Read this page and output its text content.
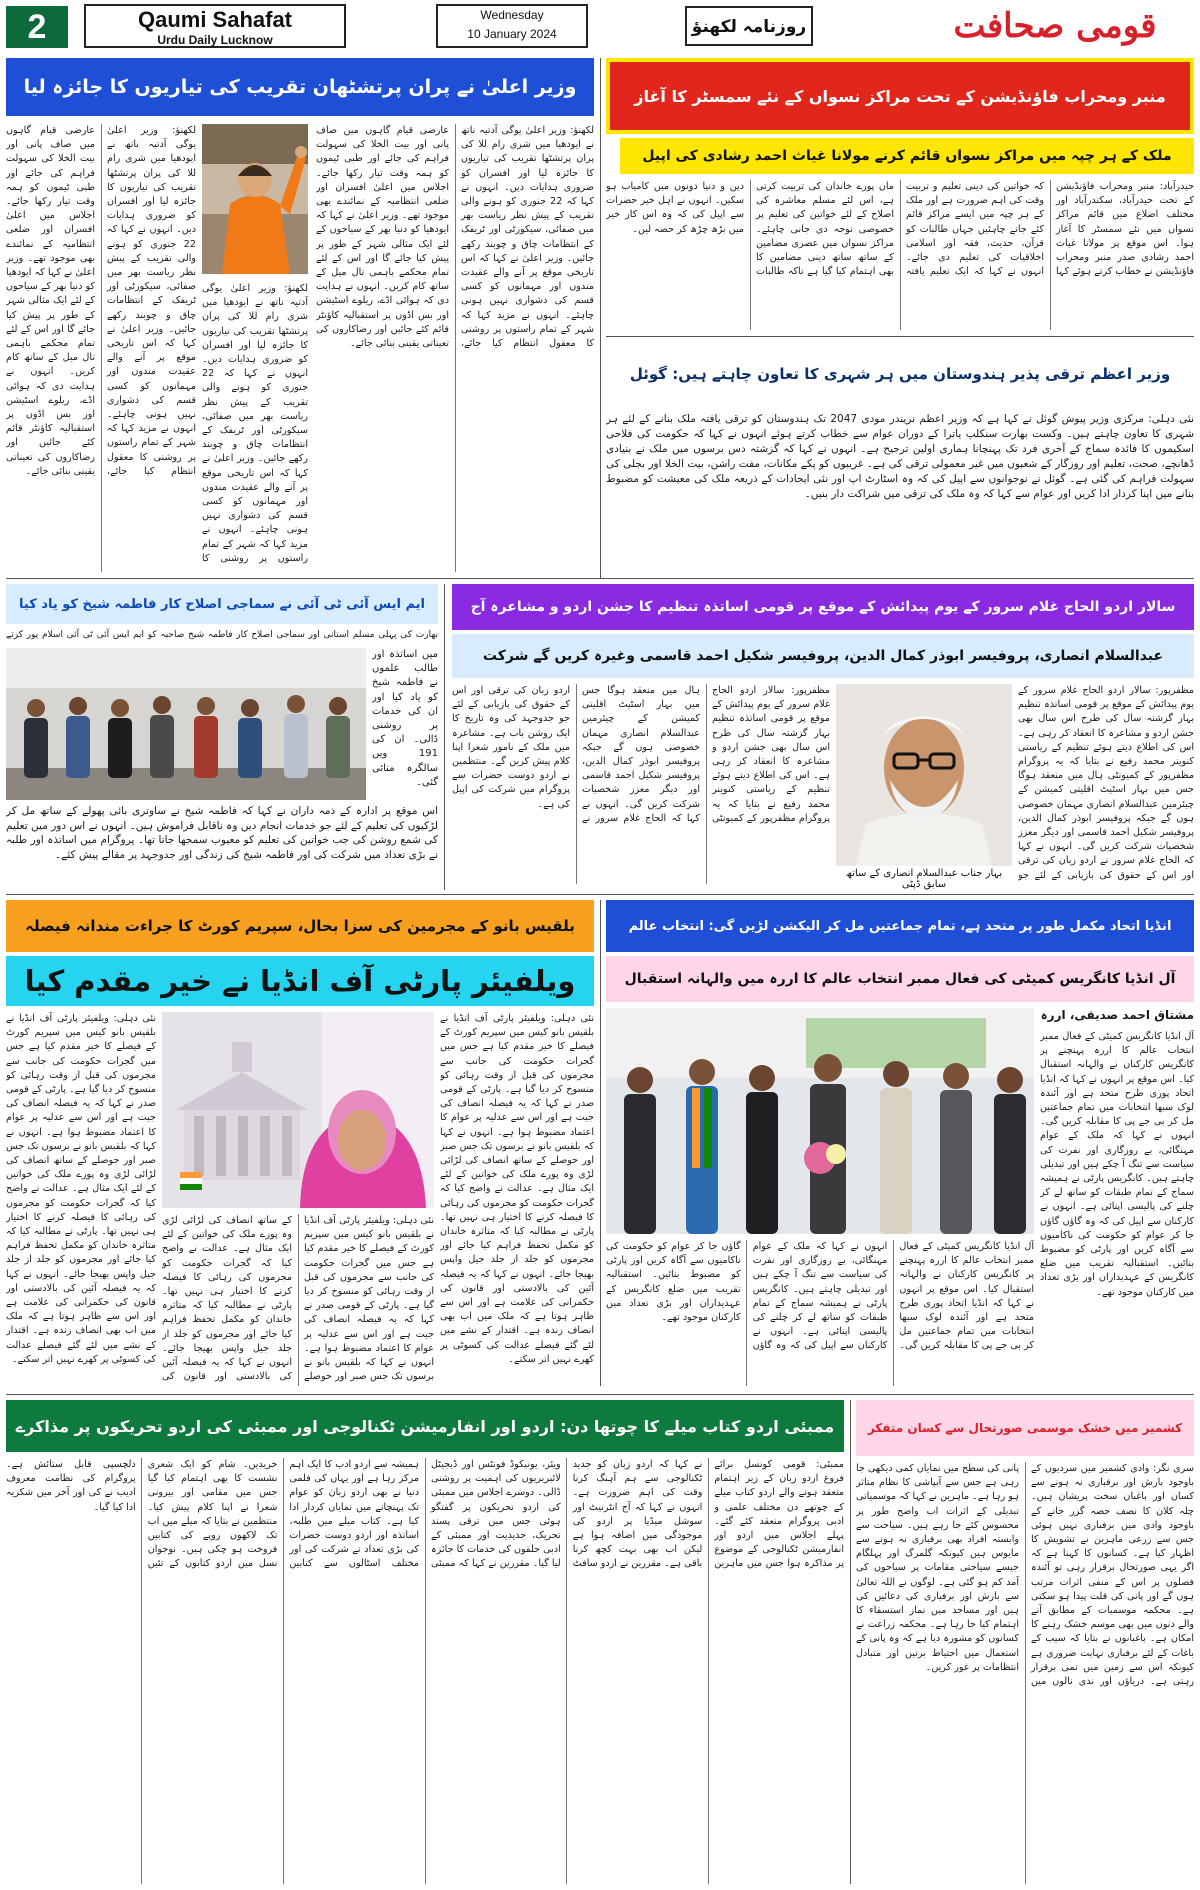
2	Qaumi Sahafat
Urdu Daily Lucknow
Wednesday
10 January 2024	روزنامہ لکھنؤ	قومی صحافت
وزیر اعلیٰ نے پران پرتشٹھان تقریب کی تیاریوں کا جائزہ لیا
لکھنؤ: وزیر اعلیٰ یوگی آدتیہ ناتھ نے ایودھیا میں شری رام للا کی پران پرتشٹھا تقریب کی تیاریوں کا جائزہ لیا اور افسران کو ضروری ہدایات دیں۔ انہوں نے کہا کہ 22 جنوری کو ہونے والی تقریب کے پیش نظر ریاست بھر میں صفائی، سیکورٹی اور ٹریفک کے انتظامات چاق و چوبند رکھے جائیں۔ وزیر اعلیٰ نے کہا کہ اس تاریخی موقع پر آنے والے عقیدت مندوں اور مہمانوں کو کسی قسم کی دشواری نہیں ہونی چاہئے۔ انہوں نے مزید کہا کہ شہر کے تمام راستوں پر روشنی کا معقول انتظام کیا جائے، عارضی قیام گاہوں میں صاف پانی اور بیت الخلا کی سہولت فراہم کی جائے اور طبی ٹیموں کو ہمہ وقت تیار رکھا جائے۔ اجلاس میں اعلیٰ افسران اور ضلعی انتظامیہ کے نمائندے بھی موجود تھے۔ وزیر اعلیٰ نے کہا کہ ایودھیا کو دنیا بھر کے سیاحوں کے لئے ایک مثالی شہر کے طور پر پیش کیا جائے گا اور اس کے لئے تمام محکمے باہمی تال میل کے ساتھ کام کریں۔ انہوں نے ہدایت دی کہ ہوائی اڈے، ریلوے اسٹیشن اور بس اڈوں پر استقبالیہ کاؤنٹر قائم کئے جائیں اور رضاکاروں کی تعیناتی یقینی بنائی جائے۔
لکھنؤ: وزیر اعلیٰ یوگی آدتیہ ناتھ نے ایودھیا میں شری رام للا کی پران پرتشٹھا تقریب کی تیاریوں کا جائزہ لیا اور افسران کو ضروری ہدایات دیں۔ انہوں نے کہا کہ 22 جنوری کو ہونے والی تقریب کے پیش نظر ریاست بھر میں صفائی، سیکورٹی اور ٹریفک کے انتظامات چاق و چوبند رکھے جائیں۔ وزیر اعلیٰ نے کہا کہ اس تاریخی موقع پر آنے والے عقیدت مندوں اور مہمانوں کو کسی قسم کی دشواری نہیں ہونی چاہئے۔ انہوں نے مزید کہا کہ شہر کے تمام راستوں پر روشنی کا
لکھنؤ: وزیر اعلیٰ یوگی آدتیہ ناتھ نے ایودھیا میں شری رام للا کی پران پرتشٹھا تقریب کی تیاریوں کا جائزہ لیا اور افسران کو ضروری ہدایات دیں۔ انہوں نے کہا کہ 22 جنوری کو ہونے والی تقریب کے پیش نظر ریاست بھر میں صفائی، سیکورٹی اور ٹریفک کے انتظامات چاق و چوبند رکھے جائیں۔ وزیر اعلیٰ نے کہا کہ اس تاریخی موقع پر آنے والے عقیدت مندوں اور مہمانوں کو کسی قسم کی دشواری نہیں ہونی چاہئے۔ انہوں نے مزید کہا کہ شہر کے تمام راستوں پر روشنی کا معقول انتظام کیا جائے، عارضی قیام گاہوں میں صاف پانی اور بیت الخلا کی سہولت فراہم کی جائے اور طبی ٹیموں کو ہمہ وقت تیار رکھا جائے۔ اجلاس میں اعلیٰ افسران اور ضلعی انتظامیہ کے نمائندے بھی موجود تھے۔ وزیر اعلیٰ نے کہا کہ ایودھیا کو دنیا بھر کے سیاحوں کے لئے ایک مثالی شہر کے طور پر پیش کیا جائے گا اور اس کے لئے تمام محکمے باہمی تال میل کے ساتھ کام کریں۔ انہوں نے ہدایت دی کہ ہوائی اڈے، ریلوے اسٹیشن اور بس اڈوں پر استقبالیہ کاؤنٹر قائم کئے جائیں اور رضاکاروں کی تعیناتی یقینی بنائی جائے۔
منبر ومحراب فاؤنڈیشن کے تحت مراکز نسواں کے نئے سمسٹر کا آغاز
ملک کے ہر چپہ میں مراکز نسواں قائم کرنے مولانا غیاث احمد رشادی کی اپیل
حیدرآباد: منبر ومحراب فاؤنڈیشن کے تحت حیدرآباد، سکندرآباد اور مختلف اضلاع میں قائم مراکز نسواں میں نئے سمسٹر کا آغاز ہوا۔ اس موقع پر مولانا غیاث احمد رشادی صدر منبر ومحراب فاؤنڈیشن نے خطاب کرتے ہوئے کہا کہ خواتین کی دینی تعلیم و تربیت وقت کی اہم ضرورت ہے اور ملک کے ہر چپہ میں ایسے مراکز قائم کئے جانے چاہئیں جہاں طالبات کو قرآن، حدیث، فقہ اور اسلامی اخلاقیات کی تعلیم دی جائے۔ انہوں نے کہا کہ ایک تعلیم یافتہ ماں پورے خاندان کی تربیت کرتی ہے، اس لئے مسلم معاشرہ کی اصلاح کے لئے خواتین کی تعلیم پر خصوصی توجہ دی جانی چاہئے۔ مراکز نسواں میں عصری مضامین کے ساتھ ساتھ دینی مضامین کا بھی اہتمام کیا گیا ہے تاکہ طالبات دین و دنیا دونوں میں کامیاب ہو سکیں۔ انہوں نے اہل خیر حضرات سے اپیل کی کہ وہ اس کار خیر میں بڑھ چڑھ کر حصہ لیں۔
وزیر اعظم ترقی پذیر ہندوستان میں ہر شہری کا تعاون چاہتے ہیں: گوئل
نئی دہلی: مرکزی وزیر پیوش گوئل نے کہا ہے کہ وزیر اعظم نریندر مودی 2047 تک ہندوستان کو ترقی یافتہ ملک بنانے کے لئے ہر شہری کا تعاون چاہتے ہیں۔ وکست بھارت سنکلپ یاترا کے دوران عوام سے خطاب کرتے ہوئے انہوں نے کہا کہ حکومت کی فلاحی اسکیموں کا فائدہ سماج کے آخری فرد تک پہنچانا ہماری اولین ترجیح ہے۔ انہوں نے کہا کہ گزشتہ دس برسوں میں ملک نے بنیادی ڈھانچے، صحت، تعلیم اور روزگار کے شعبوں میں غیر معمولی ترقی کی ہے۔ غریبوں کو پکے مکانات، مفت راشن، بیت الخلا اور بجلی کی سہولت فراہم کی گئی ہے۔ گوئل نے نوجوانوں سے اپیل کی کہ وہ اسٹارٹ اپ اور نئی ایجادات کے ذریعہ ملک کی معیشت کو مضبوط بنانے میں اپنا کردار ادا کریں اور عوام سے کہا کہ وہ ملک کی ترقی میں شراکت دار بنیں۔
ایم ایس آئی ٹی آئی نے سماجی اصلاح کار فاطمہ شیخ کو یاد کیا
بھارت کی پہلی مسلم استانی اور سماجی اصلاح کار فاطمہ شیخ صاحبہ کو ایم ایس آئی ٹی آئی اسلام پور کرتے
میں اساتذہ اور طالب علموں نے فاطمہ شیخ کو یاد کیا اور ان کی خدمات پر روشنی ڈالی۔ ان کی 191 ویں سالگرہ منائی گئی۔
اس موقع پر ادارہ کے ذمہ داران نے کہا کہ فاطمہ شیخ نے ساوتری بائی پھولے کے ساتھ مل کر لڑکیوں کی تعلیم کے لئے جو خدمات انجام دیں وہ ناقابل فراموش ہیں۔ انہوں نے اس دور میں تعلیم کی شمع روشن کی جب خواتین کی تعلیم کو معیوب سمجھا جاتا تھا۔ پروگرام میں اساتذہ اور طلبہ نے بڑی تعداد میں شرکت کی اور فاطمہ شیخ کی زندگی اور جدوجہد پر مقالے پیش کئے۔
سالار اردو الحاج غلام سرور کے یوم پیدائش کے موقع پر قومی اساتذہ تنظیم کا جشن اردو و مشاعرہ آج
عبدالسلام انصاری، پروفیسر ابوذر کمال الدین، پروفیسر شکیل احمد قاسمی وغیرہ کریں گے شرکت
بہار جناب عبدالسلام انصاری کے ساتھ سابق ڈپٹی
مظفرپور: سالار اردو الحاج غلام سرور کے یوم پیدائش کے موقع پر قومی اساتذہ تنظیم بہار گزشتہ سال کی طرح اس سال بھی جشن اردو و مشاعرہ کا انعقاد کر رہی ہے۔ اس کی اطلاع دیتے ہوئے تنظیم کے ریاستی کنوینر محمد رفیع نے بتایا کہ یہ پروگرام مظفرپور کے کمیونٹی ہال میں منعقد ہوگا جس میں بہار اسٹیٹ اقلیتی کمیشن کے چیئرمین عبدالسلام انصاری مہمان خصوصی ہوں گے جبکہ پروفیسر ابوذر کمال الدین، پروفیسر شکیل احمد قاسمی اور دیگر معزز شخصیات شرکت کریں گی۔ انہوں نے کہا کہ الحاج غلام سرور نے اردو زبان کی ترقی اور اس کے حقوق کی بازیابی کے لئے جو
مظفرپور: سالار اردو الحاج غلام سرور کے یوم پیدائش کے موقع پر قومی اساتذہ تنظیم بہار گزشتہ سال کی طرح اس سال بھی جشن اردو و مشاعرہ کا انعقاد کر رہی ہے۔ اس کی اطلاع دیتے ہوئے تنظیم کے ریاستی کنوینر محمد رفیع نے بتایا کہ یہ پروگرام مظفرپور کے کمیونٹی ہال میں منعقد ہوگا جس میں بہار اسٹیٹ اقلیتی کمیشن کے چیئرمین عبدالسلام انصاری مہمان خصوصی ہوں گے جبکہ پروفیسر ابوذر کمال الدین، پروفیسر شکیل احمد قاسمی اور دیگر معزز شخصیات شرکت کریں گی۔ انہوں نے کہا کہ الحاج غلام سرور نے اردو زبان کی ترقی اور اس کے حقوق کی بازیابی کے لئے جو جدوجہد کی وہ تاریخ کا ایک روشن باب ہے۔ مشاعرہ میں ملک کے نامور شعرا اپنا کلام پیش کریں گے۔ منتظمین نے اردو دوست حضرات سے پروگرام میں شرکت کی اپیل کی ہے۔
بلقیس بانو کے مجرمین کی سزا بحال، سپریم کورٹ کا جراءت مندانہ فیصلہ
ویلفیئر پارٹی آف انڈیا نے خیر مقدم کیا
نئی دہلی: ویلفیئر پارٹی آف انڈیا نے بلقیس بانو کیس میں سپریم کورٹ کے فیصلے کا خیر مقدم کیا ہے جس میں گجرات حکومت کی جانب سے مجرموں کی قبل از وقت رہائی کو منسوخ کر دیا گیا ہے۔ پارٹی کے قومی صدر نے کہا کہ یہ فیصلہ انصاف کی جیت ہے اور اس سے عدلیہ پر عوام کا اعتماد مضبوط ہوا ہے۔ انہوں نے کہا کہ بلقیس بانو نے برسوں تک جس صبر اور حوصلے کے ساتھ انصاف کی لڑائی لڑی وہ پورے ملک کی خواتین کے لئے ایک مثال ہے۔ عدالت نے واضح کیا کہ گجرات حکومت کو مجرموں کی رہائی کا فیصلہ کرنے کا اختیار ہی نہیں تھا۔ پارٹی نے مطالبہ کیا کہ متاثرہ خاندان کو مکمل تحفظ فراہم کیا جائے اور مجرموں کو جلد از جلد جیل واپس بھیجا جائے۔ انہوں نے کہا کہ یہ فیصلہ آئین کی بالادستی اور قانون کی حکمرانی کی علامت ہے اور اس سے ظاہر ہوتا ہے کہ ملک میں اب بھی انصاف زندہ ہے۔ اقتدار کے نشے میں لئے گئے فیصلے عدالت کی کسوٹی پر کھرے نہیں اتر سکتے۔
نئی دہلی: ویلفیئر پارٹی آف انڈیا نے بلقیس بانو کیس میں سپریم کورٹ کے فیصلے کا خیر مقدم کیا ہے جس میں گجرات حکومت کی جانب سے مجرموں کی قبل از وقت رہائی کو منسوخ کر دیا گیا ہے۔ پارٹی کے قومی صدر نے کہا کہ یہ فیصلہ انصاف کی جیت ہے اور اس سے عدلیہ پر عوام کا اعتماد مضبوط ہوا ہے۔ انہوں نے کہا کہ بلقیس بانو نے برسوں تک جس صبر اور حوصلے کے ساتھ انصاف کی لڑائی لڑی وہ پورے ملک کی خواتین کے لئے ایک مثال ہے۔ عدالت نے واضح کیا کہ گجرات حکومت کو مجرموں کی رہائی کا فیصلہ کرنے کا اختیار ہی نہیں تھا۔ پارٹی نے مطالبہ کیا کہ متاثرہ خاندان کو مکمل تحفظ فراہم کیا جائے اور مجرموں کو جلد از جلد جیل واپس بھیجا جائے۔ انہوں نے کہا کہ یہ فیصلہ آئین کی بالادستی اور قانون کی
نئی دہلی: ویلفیئر پارٹی آف انڈیا نے بلقیس بانو کیس میں سپریم کورٹ کے فیصلے کا خیر مقدم کیا ہے جس میں گجرات حکومت کی جانب سے مجرموں کی قبل از وقت رہائی کو منسوخ کر دیا گیا ہے۔ پارٹی کے قومی صدر نے کہا کہ یہ فیصلہ انصاف کی جیت ہے اور اس سے عدلیہ پر عوام کا اعتماد مضبوط ہوا ہے۔ انہوں نے کہا کہ بلقیس بانو نے برسوں تک جس صبر اور حوصلے کے ساتھ انصاف کی لڑائی لڑی وہ پورے ملک کی خواتین کے لئے ایک مثال ہے۔ عدالت نے واضح کیا کہ گجرات حکومت کو مجرموں کی رہائی کا فیصلہ کرنے کا اختیار ہی نہیں تھا۔ پارٹی نے مطالبہ کیا کہ متاثرہ خاندان کو مکمل تحفظ فراہم کیا جائے اور مجرموں کو جلد از جلد جیل واپس بھیجا جائے۔ انہوں نے کہا کہ یہ فیصلہ آئین کی بالادستی اور قانون کی حکمرانی کی علامت ہے اور اس سے ظاہر ہوتا ہے کہ ملک میں اب بھی انصاف زندہ ہے۔ اقتدار کے نشے میں لئے گئے فیصلے عدالت کی کسوٹی پر کھرے نہیں اتر سکتے۔
انڈیا اتحاد مکمل طور پر متحد ہے، تمام جماعتیں مل کر الیکشن لڑیں گی: انتخاب عالم
آل انڈیا کانگریس کمیٹی کی فعال ممبر انتخاب عالم کا اررہ میں والہانہ استقبال
مشتاق احمد صدیقی، اررہ
آل انڈیا کانگریس کمیٹی کے فعال ممبر انتخاب عالم کا اررہ پہنچنے پر کانگریس کارکنان نے والہانہ استقبال کیا۔ اس موقع پر انہوں نے کہا کہ انڈیا اتحاد پوری طرح متحد ہے اور آئندہ لوک سبھا انتخابات میں تمام جماعتیں مل کر بی جے پی کا مقابلہ کریں گی۔ انہوں نے کہا کہ ملک کے عوام مہنگائی، بے روزگاری اور نفرت کی سیاست سے تنگ آ چکے ہیں اور تبدیلی چاہتے ہیں۔ کانگریس پارٹی نے ہمیشہ سماج کے تمام طبقات کو ساتھ لے کر چلنے کی پالیسی اپنائی ہے۔ انہوں نے کارکنان سے اپیل کی کہ وہ گاؤں گاؤں جا کر عوام کو حکومت کی ناکامیوں سے آگاہ کریں اور پارٹی کو مضبوط بنائیں۔ استقبالیہ تقریب میں ضلع کانگریس کے عہدیداران اور بڑی تعداد میں کارکنان موجود تھے۔
آل انڈیا کانگریس کمیٹی کے فعال ممبر انتخاب عالم کا اررہ پہنچنے پر کانگریس کارکنان نے والہانہ استقبال کیا۔ اس موقع پر انہوں نے کہا کہ انڈیا اتحاد پوری طرح متحد ہے اور آئندہ لوک سبھا انتخابات میں تمام جماعتیں مل کر بی جے پی کا مقابلہ کریں گی۔ انہوں نے کہا کہ ملک کے عوام مہنگائی، بے روزگاری اور نفرت کی سیاست سے تنگ آ چکے ہیں اور تبدیلی چاہتے ہیں۔ کانگریس پارٹی نے ہمیشہ سماج کے تمام طبقات کو ساتھ لے کر چلنے کی پالیسی اپنائی ہے۔ انہوں نے کارکنان سے اپیل کی کہ وہ گاؤں گاؤں جا کر عوام کو حکومت کی ناکامیوں سے آگاہ کریں اور پارٹی کو مضبوط بنائیں۔ استقبالیہ تقریب میں ضلع کانگریس کے عہدیداران اور بڑی تعداد میں کارکنان موجود تھے۔
ممبئی اردو کتاب میلے کا چوتھا دن: اردو اور انفارمیشن ٹکنالوجی اور ممبئی کی اردو تحریکوں پر مذاکرے
ممبئی: قومی کونسل برائے فروغ اردو زبان کے زیر اہتمام منعقد ہونے والے اردو کتاب میلے کے چوتھے دن مختلف علمی و ادبی پروگرام منعقد کئے گئے۔ پہلے اجلاس میں اردو اور انفارمیشن ٹکنالوجی کے موضوع پر مذاکرہ ہوا جس میں ماہرین نے کہا کہ اردو زبان کو جدید ٹکنالوجی سے ہم آہنگ کرنا وقت کی اہم ضرورت ہے۔ انہوں نے کہا کہ آج انٹرنیٹ اور سوشل میڈیا پر اردو کی موجودگی میں اضافہ ہوا ہے لیکن اب بھی بہت کچھ کرنا باقی ہے۔ مقررین نے اردو سافٹ ویئر، یونیکوڈ فونٹس اور ڈیجیٹل لائبریریوں کی اہمیت پر روشنی ڈالی۔ دوسرے اجلاس میں ممبئی کی اردو تحریکوں پر گفتگو ہوئی جس میں ترقی پسند تحریک، جدیدیت اور ممبئی کے ادبی حلقوں کی خدمات کا جائزہ لیا گیا۔ مقررین نے کہا کہ ممبئی ہمیشہ سے اردو ادب کا ایک اہم مرکز رہا ہے اور یہاں کی فلمی دنیا نے بھی اردو زبان کو عوام تک پہنچانے میں نمایاں کردار ادا کیا ہے۔ کتاب میلے میں طلبہ، اساتذہ اور اردو دوست حضرات کی بڑی تعداد نے شرکت کی اور مختلف اسٹالوں سے کتابیں خریدیں۔ شام کو ایک شعری نشست کا بھی اہتمام کیا گیا جس میں مقامی اور بیرونی شعرا نے اپنا کلام پیش کیا۔ منتظمین نے بتایا کہ میلے میں اب تک لاکھوں روپے کی کتابیں فروخت ہو چکی ہیں۔ نوجوان نسل میں اردو کتابوں کے تئیں دلچسپی قابل ستائش ہے۔ پروگرام کی نظامت معروف ادیب نے کی اور آخر میں شکریہ ادا کیا گیا۔
کشمیر میں خشک موسمی صورتحال سے کسان متفکر
سری نگر: وادی کشمیر میں سردیوں کے باوجود بارش اور برفباری نہ ہونے سے کسان اور باغبان سخت پریشان ہیں۔ چلہ کلان کا نصف حصہ گزر جانے کے باوجود وادی میں برفباری نہیں ہوئی جس سے زرعی ماہرین نے تشویش کا اظہار کیا ہے۔ کسانوں کا کہنا ہے کہ اگر یہی صورتحال برقرار رہی تو آئندہ فصلوں پر اس کے منفی اثرات مرتب ہوں گے اور پانی کی قلت پیدا ہو سکتی ہے۔ محکمہ موسمیات کے مطابق آنے والے دنوں میں بھی موسم خشک رہنے کا امکان ہے۔ باغبانوں نے بتایا کہ سیب کے باغات کے لئے برفباری نہایت ضروری ہے کیونکہ اس سے زمین میں نمی برقرار رہتی ہے۔ دریاؤں اور ندی نالوں میں پانی کی سطح میں نمایاں کمی دیکھی جا رہی ہے جس سے آبپاشی کا نظام متاثر ہو رہا ہے۔ ماہرین نے کہا کہ موسمیاتی تبدیلی کے اثرات اب واضح طور پر محسوس کئے جا رہے ہیں۔ سیاحت سے وابستہ افراد بھی برفباری نہ ہونے سے مایوس ہیں کیونکہ گلمرگ اور پہلگام جیسے سیاحتی مقامات پر سیاحوں کی آمد کم ہو گئی ہے۔ لوگوں نے اللہ تعالیٰ سے بارش اور برفباری کی دعائیں کی ہیں اور مساجد میں نماز استسقاء کا اہتمام کیا جا رہا ہے۔ محکمہ زراعت نے کسانوں کو مشورہ دیا ہے کہ وہ پانی کے استعمال میں احتیاط برتیں اور متبادل انتظامات پر غور کریں۔
